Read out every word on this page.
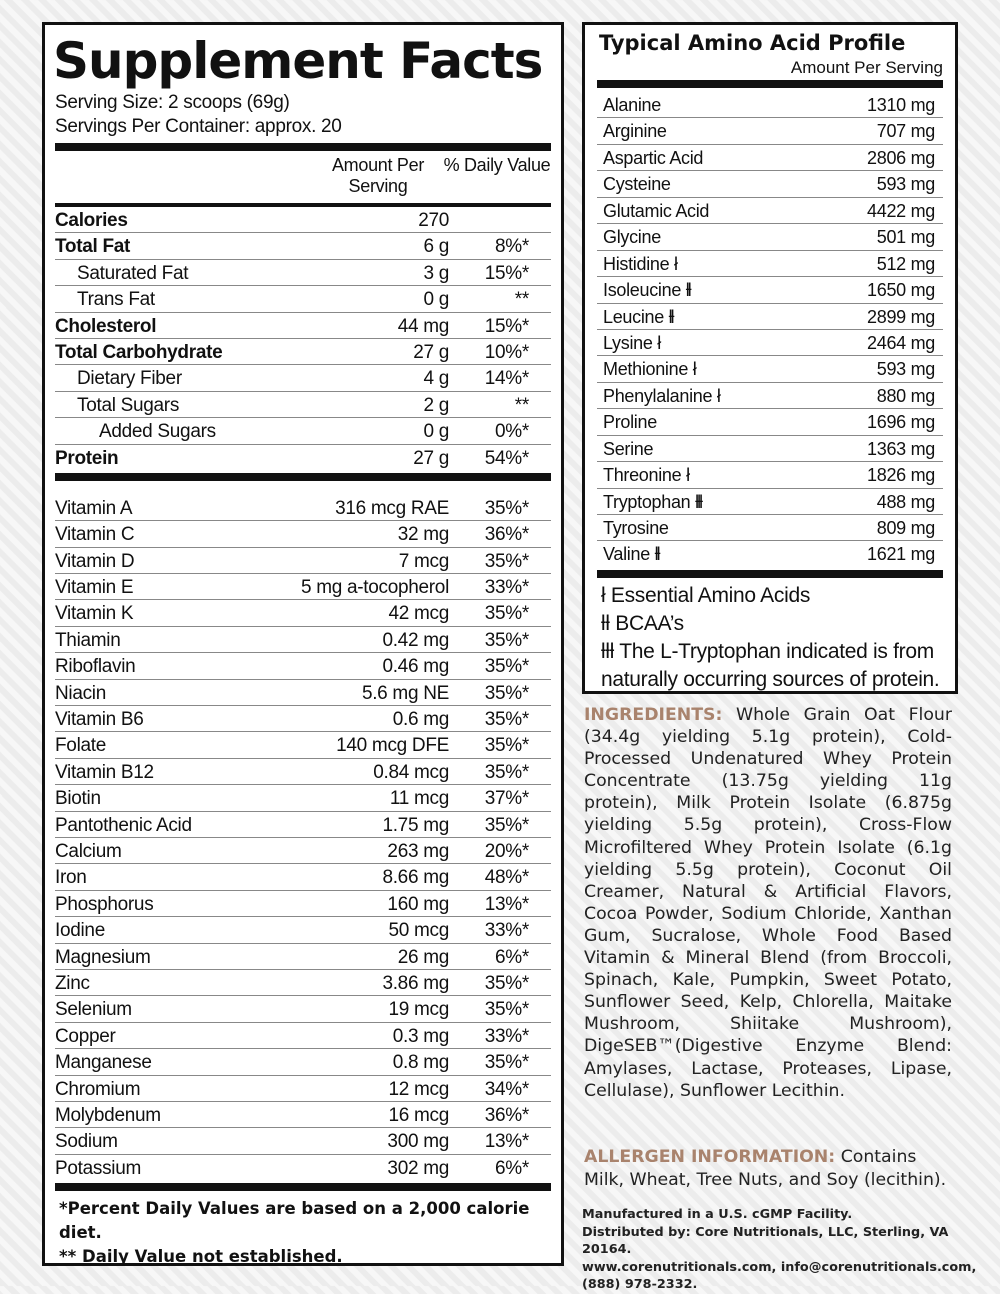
Supplement Facts
Serving Size: 2 scoops (69g)
Servings Per Container: approx. 20
Amount Per Serving
% Daily Value
Calories	270
Total Fat	6 g	8%*
Saturated Fat	3 g	15%*
Trans Fat	0 g	**
Cholesterol	44 mg	15%*
Total Carbohydrate	27 g	10%*
Dietary Fiber	4 g	14%*
Total Sugars	2 g	**
Added Sugars	0 g	0%*
Protein	27 g	54%*
Vitamin A	316 mcg RAE	35%*
Vitamin C	32 mg	36%*
Vitamin D	7 mcg	35%*
Vitamin E	5 mg a-tocopherol	33%*
Vitamin K	42 mcg	35%*
Thiamin	0.42 mg	35%*
Riboflavin	0.46 mg	35%*
Niacin	5.6 mg NE	35%*
Vitamin B6	0.6 mg	35%*
Folate	140 mcg DFE	35%*
Vitamin B12	0.84 mcg	35%*
Biotin	11 mcg	37%*
Pantothenic Acid	1.75 mg	35%*
Calcium	263 mg	20%*
Iron	8.66 mg	48%*
Phosphorus	160 mg	13%*
Iodine	50 mcg	33%*
Magnesium	26 mg	6%*
Zinc	3.86 mg	35%*
Selenium	19 mcg	35%*
Copper	0.3 mg	33%*
Manganese	0.8 mg	35%*
Chromium	12 mcg	34%*
Molybdenum	16 mcg	36%*
Sodium	300 mg	13%*
Potassium	302 mg	6%*
*Percent Daily Values are based on a 2,000 calorie diet.
** Daily Value not established.
Typical Amino Acid Profile
Amount Per Serving
Alanine	1310 mg
Arginine	707 mg
Aspartic Acid	2806 mg
Cysteine	593 mg
Glutamic Acid	4422 mg
Glycine	501 mg
Histidine ł	512 mg
Isoleucine ƚƚ	1650 mg
Leucine ƚƚ	2899 mg
Lysine ł	2464 mg
Methionine ł	593 mg
Phenylalanine ł	880 mg
Proline	1696 mg
Serine	1363 mg
Threonine ł	1826 mg
Tryptophan ƚƚƚ	488 mg
Tyrosine	809 mg
Valine ƚƚ	1621 mg
ł Essential Amino Acids
ƚƚ BCAA’s
ƚƚƚ The L-Tryptophan indicated is from naturally occurring sources of protein.
INGREDIENTS: Whole Grain Oat Flour (34.4g yielding 5.1g protein), Cold-Processed Undenatured Whey Protein Concentrate (13.75g yielding 11g protein), Milk Protein Isolate (6.875g yielding 5.5g protein), Cross-Flow Microfiltered Whey Protein Isolate (6.1g yielding 5.5g protein), Coconut Oil Creamer, Natural & Artificial Flavors, Cocoa Powder, Sodium Chloride, Xanthan Gum, Sucralose, Whole Food Based Vitamin & Mineral Blend (from Broccoli, Spinach, Kale, Pumpkin, Sweet Potato, Sunflower Seed, Kelp, Chlorella, Maitake Mushroom, Shiitake Mushroom), DigeSEB™(Digestive Enzyme Blend: Amylases, Lactase, Proteases, Lipase, Cellulase), Sunflower Lecithin.
ALLERGEN INFORMATION: Contains Milk, Wheat, Tree Nuts, and Soy (lecithin).
Manufactured in a U.S. cGMP Facility.
Distributed by: Core Nutritionals, LLC, Sterling, VA 20164.
www.corenutritionals.com, info@corenutritionals.com,
(888) 978-2332.
